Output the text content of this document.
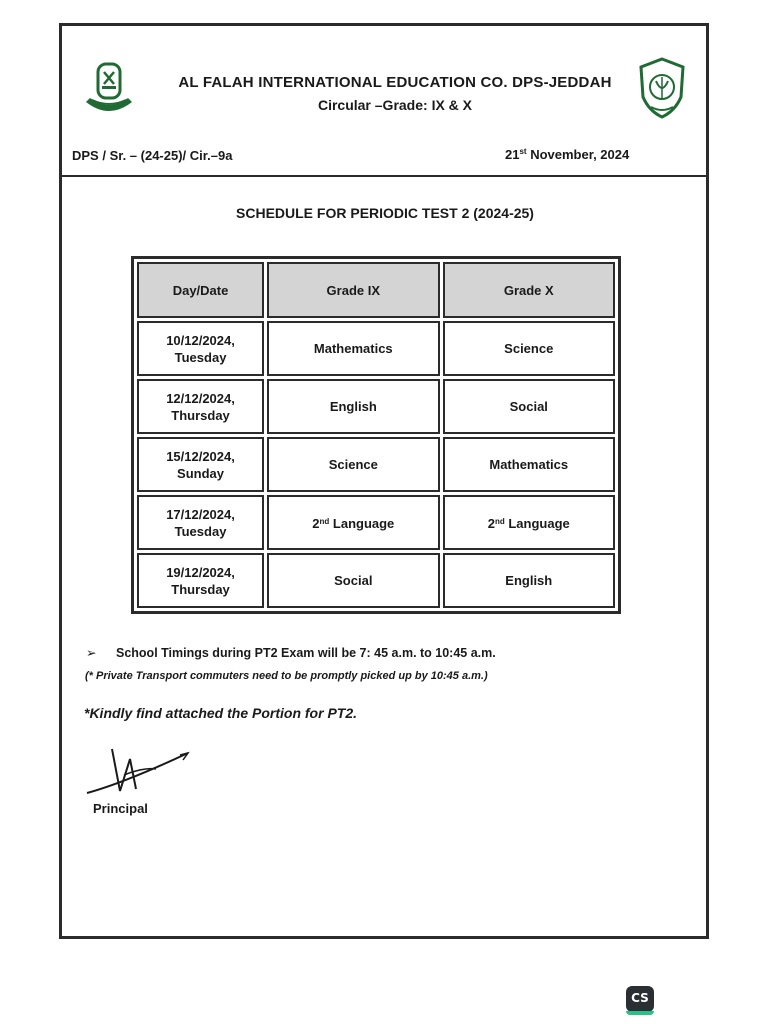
AL FALAH INTERNATIONAL EDUCATION CO. DPS-JEDDAH
Circular –Grade: IX & X
DPS / Sr. – (24-25)/ Cir.–9a	21st November, 2024
SCHEDULE FOR PERIODIC TEST 2 (2024-25)
Day/Date	Grade IX	Grade X
10/12/2024,
Tuesday	Mathematics	Science
12/12/2024,
Thursday	English	Social
15/12/2024,
Sunday	Science	Mathematics
17/12/2024,
Tuesday	2nd Language	2nd Language
19/12/2024,
Thursday	Social	English
➢ School Timings during PT2 Exam will be 7: 45 a.m. to 10:45 a.m.
(* Private Transport commuters need to be promptly picked up by 10:45 a.m.)
*Kindly find attached the Portion for PT2.
Principal
CS
